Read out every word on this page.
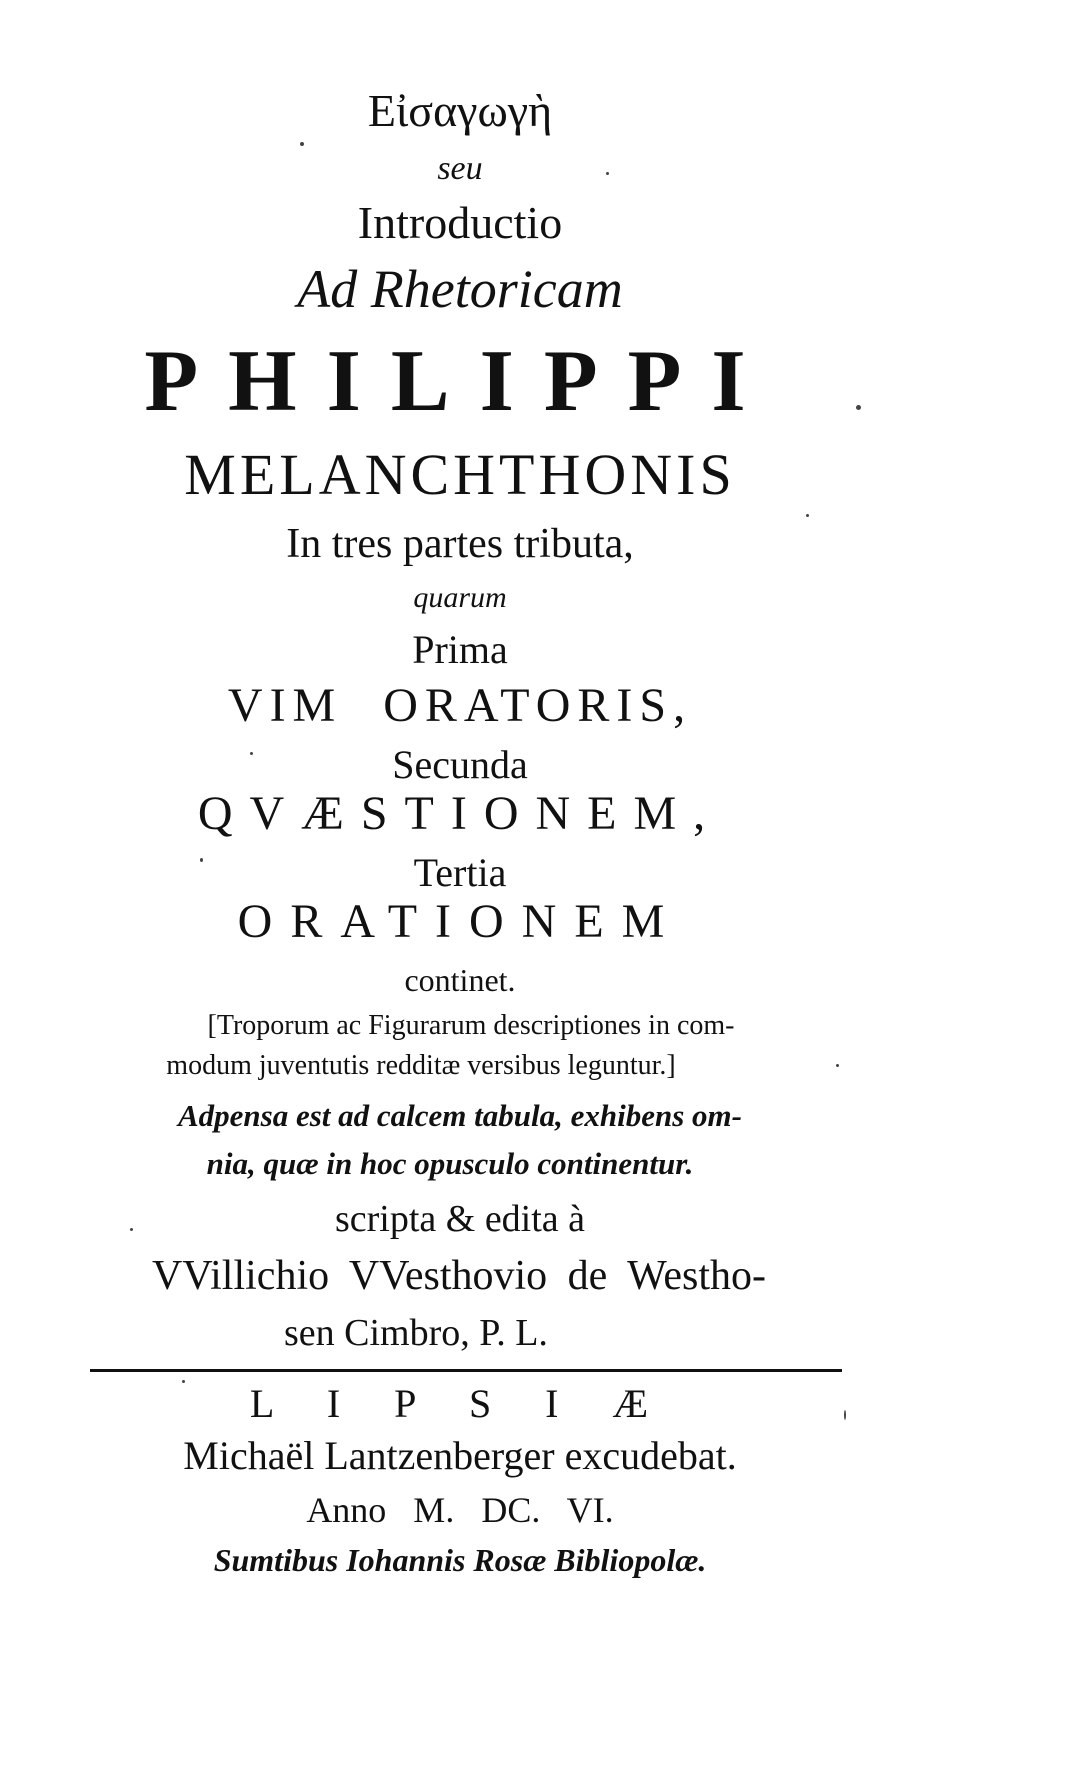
Εἰσαγωγὴ
seu
Introductio
Ad Rhetoricam
PHILIPPI
MELANCHTHONIS
In tres partes tributa,
quarum
Prima
VIM ORATORIS,
Secunda
QVÆSTIONEM,
Tertia
ORATIONEM
continet.
[Troporum ac Figurarum descriptiones in com-
modum juventutis redditæ versibus leguntur.]
Adpensa est ad calcem tabula, exhibens om-
nia, quæ in hoc opusculo continentur.
scripta & edita à
VVillichio VVesthovio de Westho-
sen Cimbro, P. L.
L I P S I Æ
Michaël Lantzenberger excudebat.
Anno   M.   DC.   VI.
Sumtibus Iohannis Rosæ Bibliopolæ.
